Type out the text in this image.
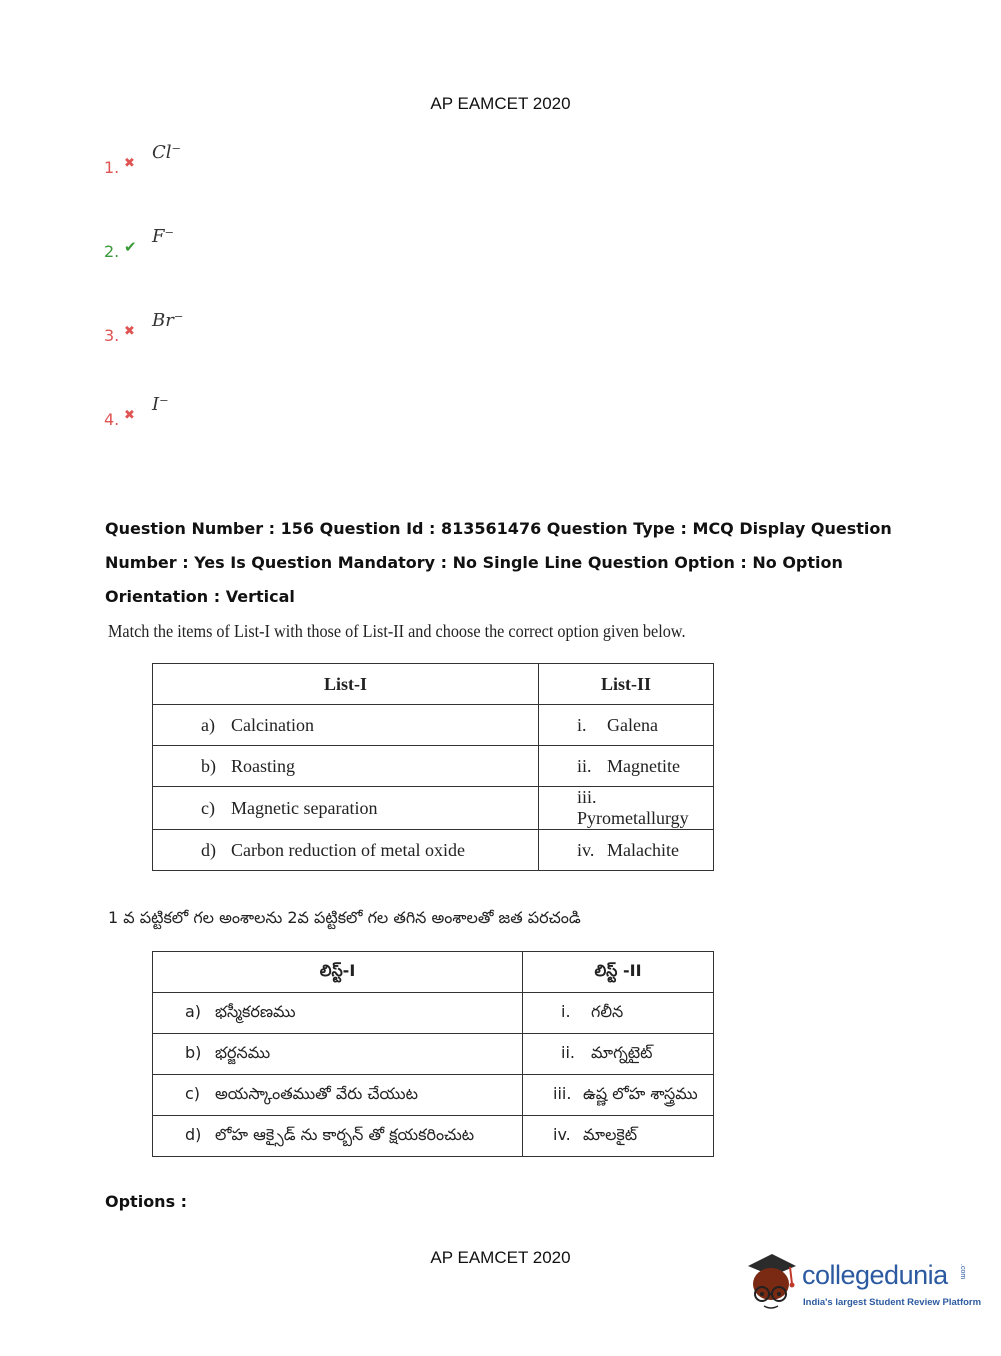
AP EAMCET 2020
1. ✖
Cl⁻
2. ✔ F⁻
3. ✖
Br⁻
4. ✖
I⁻
Question Number : 156 Question Id : 813561476 Question Type : MCQ Display Question Number : Yes Is Question Mandatory : No Single Line Question Option : No Option Orientation : Vertical
Match the items of List-I with those of List-II and choose the correct option given below.
List-I	List-II
a) Calcination	i. Galena
b) Roasting	ii. Magnetite
c) Magnetic separation	iii.Pyrometallurgy
d) Carbon reduction of metal oxide	iv. Malachite
1 వ పట్టికలో గల అంశాలను 2వ పట్టికలో గల తగిన అంశాలతో జత పరచండి
లిస్ట్-I	లిస్ట్ -II
a) భస్మీకరణము	i. గలీన
b) భర్జనము	ii. మాగ్నటైట్
c) అయస్కాంతముతో వేరు చేయుట	iii. ఉష్ణ లోహ శాస్త్రము
d) లోహ ఆక్సైడ్ ను కార్బన్ తో క్షయకరించుట	iv. మాలకైట్
Options :
AP EAMCET 2020
collegedunia .com
India's largest Student Review Platform
